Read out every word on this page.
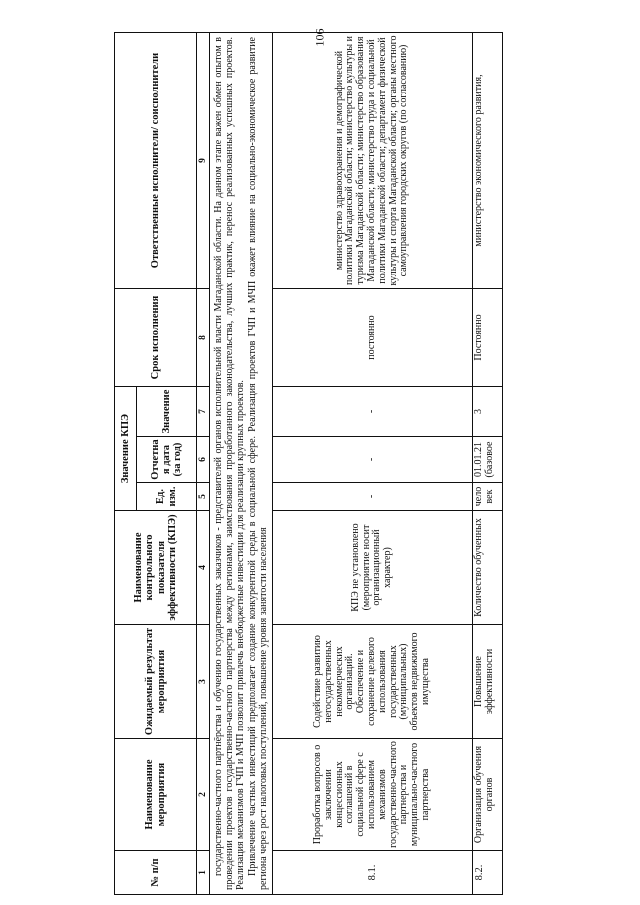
106
№ п/п	Наименование мероприятия	Ожидаемый результат мероприятия	Наименование контрольного показателя эффективности (КПЭ)	Значение КПЭ			Срок исполнения	Ответственные исполнители/ соисполнители
				Ед. изм.	Отчетная дата (за год)	Значение		
1	2	3	4	5	6	7	8	9

государственно-частного партнёрства и обучению государственных заказчиков - представителей органов исполнительной власти Магаданской области. На данном этапе важен обмен опытом в проведении проектов государственно-частного партнерства между регионами, заимствования проработанного законодательства, лучших практик, перенос реализованных успешных проектов. Реализация механизмов ГЧП и МЧП позволит привлечь внебюджетные инвестиции для реализации крупных проектов. Привлечение частных инвестиций предполагает создание конкурентной среды в социальной сфере. Реализация проектов ГЧП и МЧП окажет влияние на социально-экономическое развитие региона через рост налоговых поступлений, повышение уровня занятости населения								

8.1.	Проработка вопросов о заключении концессионных соглашений в социальной сфере с использованием механизмов государственно-частного партнерства и муниципально-частного партнерства	Содействие развитию негосударственных некоммерческих организаций. Обеспечение и сохранение целевого использования государственных (муниципальных) объектов недвижимого имущества	КПЭ не установлено (мероприятие носит организационный характер)	-	-	-	постоянно	министерство здравоохранения и демографической политики Магаданской области; министерство культуры и туризма Магаданской области; министерство образования Магаданской области; министерство труда и социальной политики Магаданской области; департамент физической культуры и спорта Магаданской области; органы местного самоуправления городских округов (по согласованию)
8.2.	Организация обучения органов	Повышение эффективности	Количество обученных	чело век	01.01.21 (базовое	3	Постоянно	министерство экономического развития,
